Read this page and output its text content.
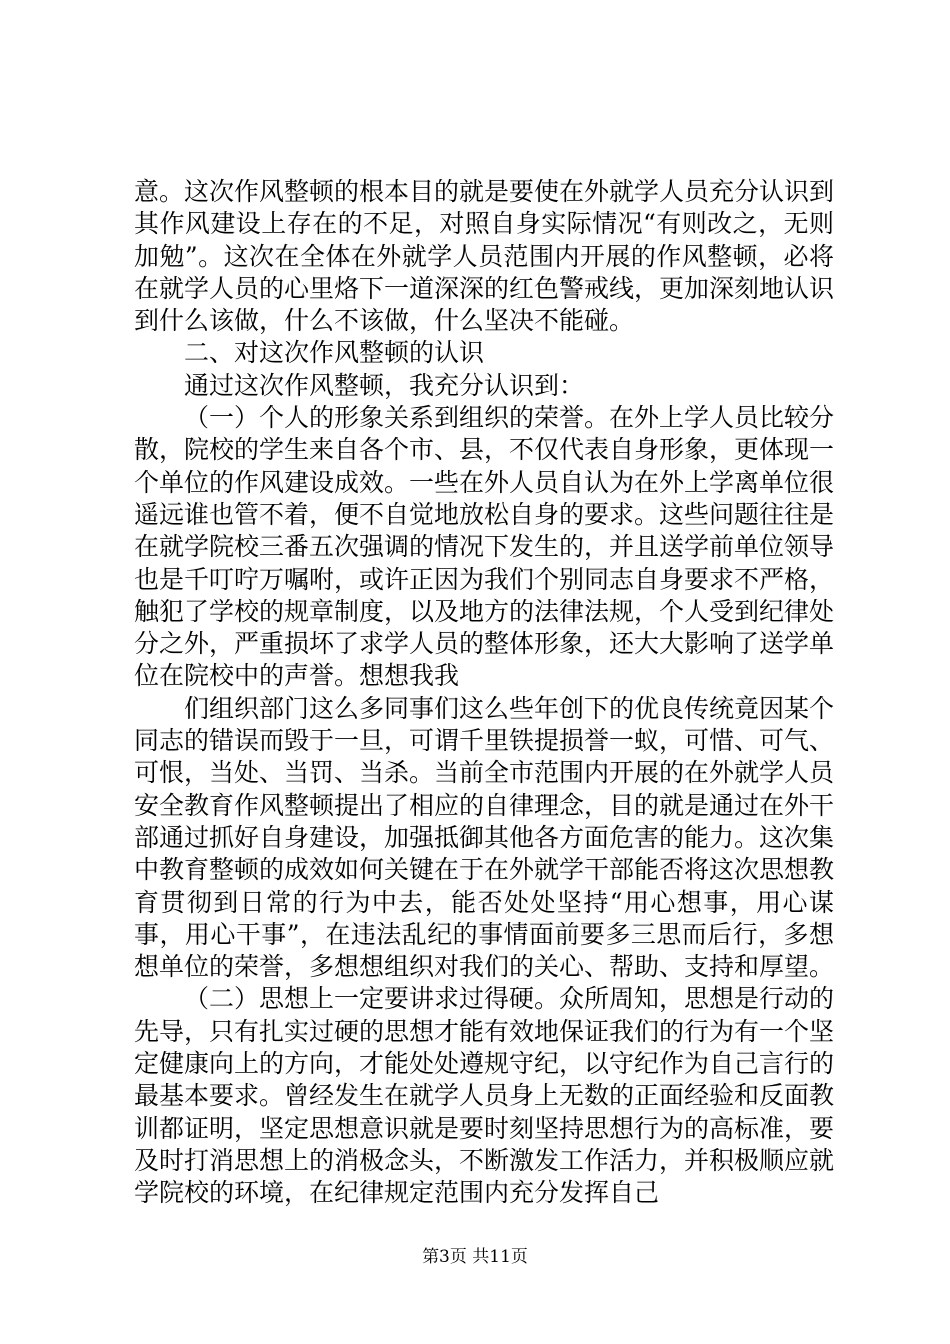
意。这次作风整顿的根本目的就是要使在外就学人员充分认识到其作风建设上存在的不足，对照自身实际情况“有则改之，无则加勉”。这次在全体在外就学人员范围内开展的作风整顿，必将在就学人员的心里烙下一道深深的红色警戒线，更加深刻地认识到什么该做，什么不该做，什么坚决不能碰。

二、对这次作风整顿的认识

通过这次作风整顿，我充分认识到：

（一）个人的形象关系到组织的荣誉。在外上学人员比较分散，院校的学生来自各个市、县，不仅代表自身形象，更体现一个单位的作风建设成效。一些在外人员自认为在外上学离单位很遥远谁也管不着，便不自觉地放松自身的要求。这些问题往往是在就学院校三番五次强调的情况下发生的，并且送学前单位领导也是千叮咛万嘱咐，或许正因为我们个别同志自身要求不严格，触犯了学校的规章制度，以及地方的法律法规，个人受到纪律处分之外，严重损坏了求学人员的整体形象，还大大影响了送学单位在院校中的声誉。想想我我

们组织部门这么多同事们这么些年创下的优良传统竟因某个同志的错误而毁于一旦，可谓千里铁提损誉一蚁，可惜、可气、可恨，当处、当罚、当杀。当前全市范围内开展的在外就学人员安全教育作风整顿提出了相应的自律理念，目的就是通过在外干部通过抓好自身建设，加强抵御其他各方面危害的能力。这次集中教育整顿的成效如何关键在于在外就学干部能否将这次思想教育贯彻到日常的行为中去，能否处处坚持“用心想事，用心谋事，用心干事”，在违法乱纪的事情面前要多三思而后行，多想想单位的荣誉，多想想组织对我们的关心、帮助、支持和厚望。

（二）思想上一定要讲求过得硬。众所周知，思想是行动的先导，只有扎实过硬的思想才能有效地保证我们的行为有一个坚定健康向上的方向，才能处处遵规守纪，以守纪作为自己言行的最基本要求。曾经发生在就学人员身上无数的正面经验和反面教训都证明，坚定思想意识就是要时刻坚持思想行为的高标准，要及时打消思想上的消极念头，不断激发工作活力，并积极顺应就学院校的环境，在纪律规定范围内充分发挥自己

第3页 共11页
